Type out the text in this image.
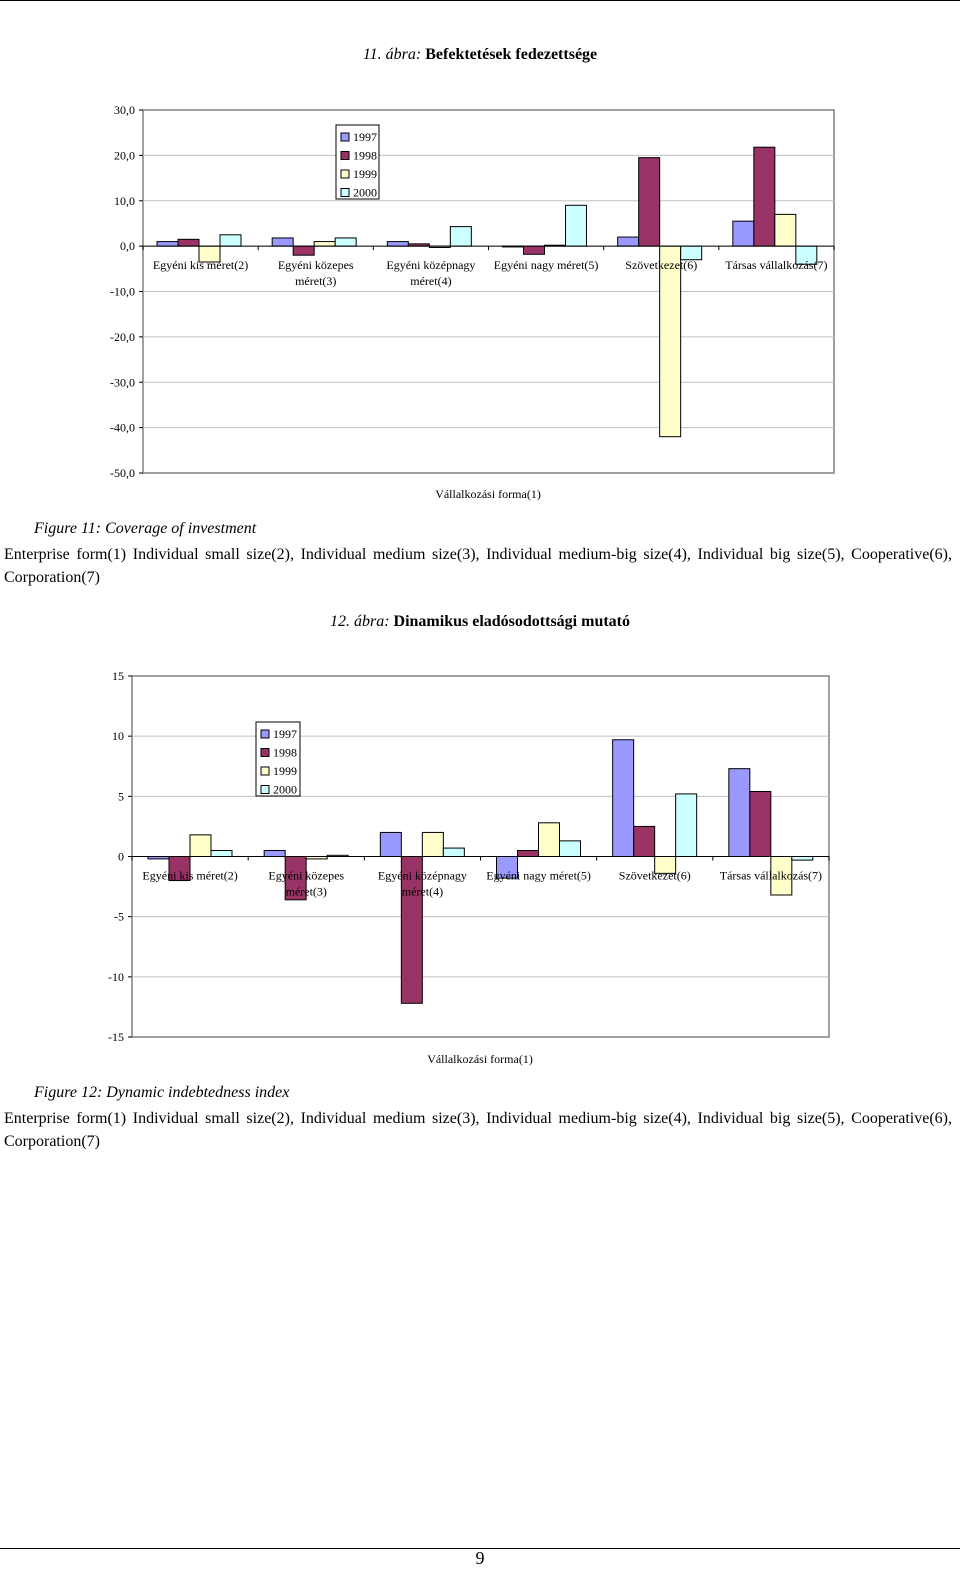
11. ábra: Befektetések fedezettsége
30,0
20,0
10,0
0,0
-10,0
-20,0
-30,0
-40,0
-50,0
Egyéni kis méret(2) Egyéni közepes
méret(3)
Egyéni középnagy
méret(4)
Egyéni nagy méret(5) Szövetkezet(6) Társas vállalkozás(7)
1997
1998
1999
2000
Vállalkozási forma(1)
Figure 11: Coverage of investment
Enterprise form(1) Individual small size(2), Individual medium size(3), Individual medium-big size(4), Individual big size(5), Cooperative(6), Corporation(7)
12. ábra: Dinamikus eladósodottsági mutató
15
10
5
0
-5
-10
-15
Egyéni kis méret(2)	Egyéni közepes
méret(3)
Egyéni középnagy
méret(4)
Egyéni nagy méret(5) Szövetkezet(6) Társas vállalkozás(7)
1997
1998
1999
2000
Vállalkozási forma(1)
Figure 12: Dynamic indebtedness index
Enterprise form(1) Individual small size(2), Individual medium size(3), Individual medium-big size(4), Individual big size(5), Cooperative(6), Corporation(7)
9
